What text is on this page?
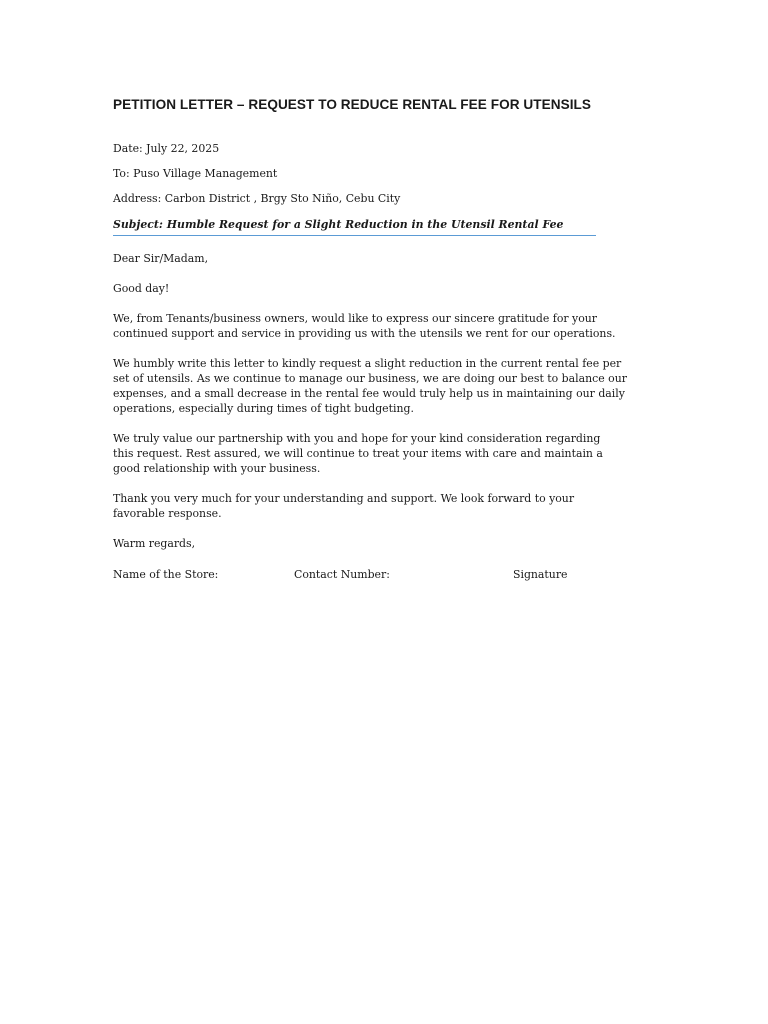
PETITION LETTER – REQUEST TO REDUCE RENTAL FEE FOR UTENSILS
Date: July 22, 2025
To: Puso Village Management
Address: Carbon District , Brgy Sto Niño, Cebu City
Subject: Humble Request for a Slight Reduction in the Utensil Rental Fee
Dear Sir/Madam,
Good day!
We, from Tenants/business owners, would like to express our sincere gratitude for your
continued support and service in providing us with the utensils we rent for our operations.
We humbly write this letter to kindly request a slight reduction in the current rental fee per
set of utensils. As we continue to manage our business, we are doing our best to balance our
expenses, and a small decrease in the rental fee would truly help us in maintaining our daily
operations, especially during times of tight budgeting.
We truly value our partnership with you and hope for your kind consideration regarding
this request. Rest assured, we will continue to treat your items with care and maintain a
good relationship with your business.
Thank you very much for your understanding and support. We look forward to your
favorable response.
Warm regards,
Name of the Store:	Contact Number:	Signature
